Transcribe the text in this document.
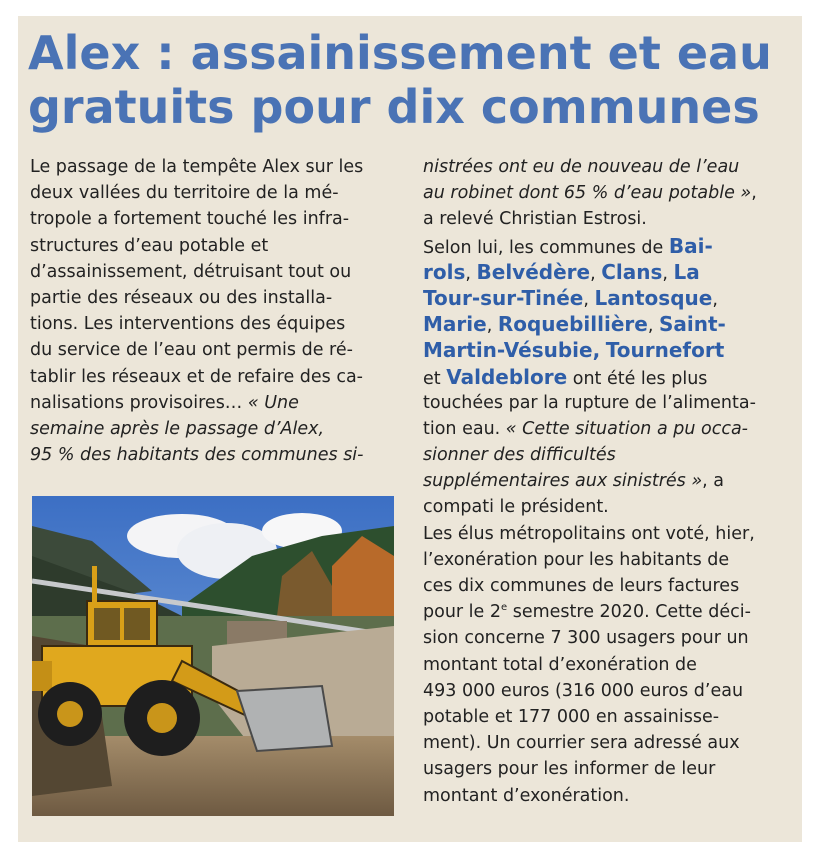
Alex : assainissement et eau
gratuits pour dix communes
Le passage de la tempête Alex sur les
deux vallées du territoire de la mé-
tropole a fortement touché les infra-
structures d’eau potable et
d’assainissement, détruisant tout ou
partie des réseaux ou des installa-
tions. Les interventions des équipes
du service de l’eau ont permis de ré-
tablir les réseaux et de refaire des ca-
nalisations provisoires… « Une
semaine après le passage d’Alex,
95 % des habitants des communes si-
nistrées ont eu de nouveau de l’eau
au robinet dont 65 % d’eau potable »,
a relevé Christian Estrosi.
Selon lui, les communes de Bai-
rols, Belvédère, Clans, La
Tour-sur-Tinée, Lantosque,
Marie, Roquebillière, Saint-
Martin-Vésubie, Tournefort
et Valdeblore ont été les plus
touchées par la rupture de l’alimenta-
tion eau. « Cette situation a pu occa-
sionner des difficultés
supplémentaires aux sinistrés », a
compati le président.
Les élus métropolitains ont voté, hier,
l’exonération pour les habitants de
ces dix communes de leurs factures
pour le 2e semestre 2020. Cette déci-
sion concerne 7 300 usagers pour un
montant total d’exonération de
493 000 euros (316 000 euros d’eau
potable et 177 000 en assainisse-
ment). Un courrier sera adressé aux
usagers pour les informer de leur
montant d’exonération.
